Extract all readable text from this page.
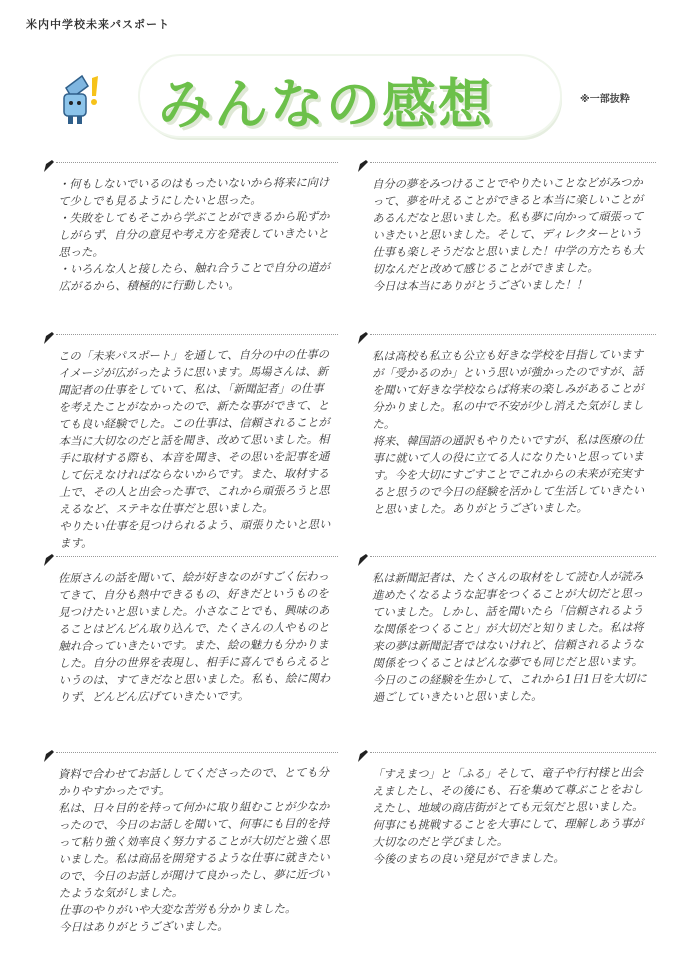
米内中学校未来パスポート
みんなの感想	※一部抜粋
・何もしないでいるのはもったいないから将来に向けて少しでも見るようにしたいと思った。
・失敗をしてもそこから学ぶことができるから恥ずかしがらず、自分の意見や考え方を発表していきたいと思った。
・いろんな人と接したら、触れ合うことで自分の道が広がるから、積極的に行動したい。
自分の夢をみつけることでやりたいことなどがみつかって、夢を叶えることができると本当に楽しいことがあるんだなと思いました。私も夢に向かって頑張っていきたいと思いました。そして、ディレクターという仕事も楽しそうだなと思いました！中学の方たちも大切なんだと改めて感じることができました。
今日は本当にありがとうございました！！
この「未来パスポート」を通して、自分の中の仕事のイメージが広がったように思います。馬場さんは、新聞記者の仕事をしていて、私は、「新聞記者」の仕事を考えたことがなかったので、新たな事ができて、とても良い経験でした。この仕事は、信頼されることが本当に大切なのだと話を聞き、改めて思いました。相手に取材する際も、本音を聞き、その思いを記事を通して伝えなければならないからです。また、取材する上で、その人と出会った事で、これから頑張ろうと思えるなど、ステキな仕事だと思いました。
やりたい仕事を見つけられるよう、頑張りたいと思います。
私は高校も私立も公立も好きな学校を目指していますが「受かるのか」という思いが強かったのですが、話を聞いて好きな学校ならば将来の楽しみがあることが分かりました。私の中で不安が少し消えた気がしました。
将来、韓国語の通訳もやりたいですが、私は医療の仕事に就いて人の役に立てる人になりたいと思っています。今を大切にすごすことでこれからの未来が充実すると思うので今日の経験を活かして生活していきたいと思いました。ありがとうございました。
佐原さんの話を聞いて、絵が好きなのがすごく伝わってきて、自分も熱中できるもの、好きだというものを見つけたいと思いました。小さなことでも、興味のあることはどんどん取り込んで、たくさんの人やものと触れ合っていきたいです。また、絵の魅力も分かりました。自分の世界を表現し、相手に喜んでもらえるというのは、すてきだなと思いました。私も、絵に関わりず、どんどん広げていきたいです。
私は新聞記者は、たくさんの取材をして読む人が読み進めたくなるような記事をつくることが大切だと思っていました。しかし、話を聞いたら「信頼されるような関係をつくること」が大切だと知りました。私は将来の夢は新聞記者ではないけれど、信頼されるような関係をつくることはどんな夢でも同じだと思います。今日のこの経験を生かして、これから1日1日を大切に過ごしていきたいと思いました。
資料で合わせてお話ししてくださったので、とても分かりやすかったです。
私は、日々目的を持って何かに取り組むことが少なかったので、今日のお話しを聞いて、何事にも目的を持って粘り強く効率良く努力することが大切だと強く思いました。私は商品を開発するような仕事に就きたいので、今日のお話しが聞けて良かったし、夢に近づいたような気がしました。
仕事のやりがいや大変な苦労も分かりました。
今日はありがとうございました。
「すえまつ」と「ふる」そして、竜子や行村様と出会えましたし、その後にも、石を集めて尊ぶことをおしえたし、地域の商店街がとても元気だと思いました。
何事にも挑戦することを大事にして、理解しあう事が大切なのだと学びました。
今後のまちの良い発見ができました。
